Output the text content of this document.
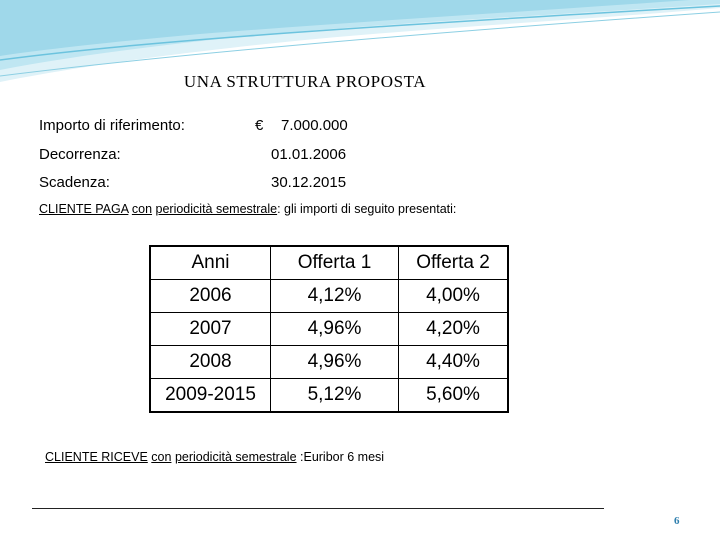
UNA STRUTTURA PROPOSTA
Importo di riferimento:	€ 7.000.000
Decorrenza:	01.01.2006
Scadenza:	30.12.2015
CLIENTE PAGA con periodicità semestrale: gli importi di seguito presentati:
Anni	Offerta 1	Offerta 2
2006	4,12%	4,00%
2007	4,96%	4,20%
2008	4,96%	4,40%
2009-2015	5,12%	5,60%
CLIENTE RICEVE con periodicità semestrale :Euribor 6 mesi
6
